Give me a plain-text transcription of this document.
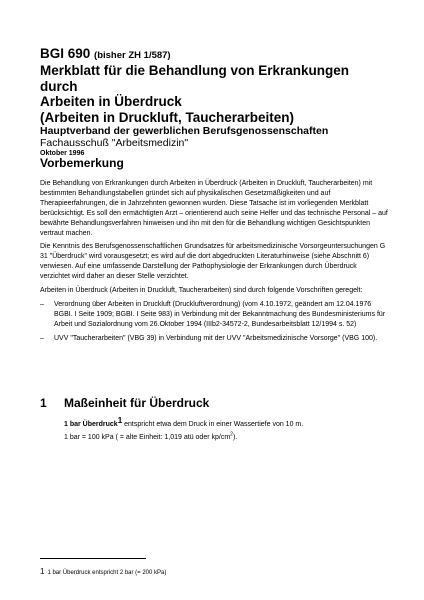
BGI 690 (bisher ZH 1/587)

Merkblatt für die Behandlung von Erkrankungen durch

Arbeiten in Überdruck

(Arbeiten in Druckluft, Taucherarbeiten)

Hauptverband der gewerblichen Berufsgenossenschaften

Fachausschuß "Arbeitsmedizin"

Oktober 1996

Vorbemerkung

Die Behandlung von Erkrankungen durch Arbeiten in Überdruck (Arbeiten in Druckluft, Taucherarbeiten) mit bestimmten Behandlungstabellen gründet sich auf physikalischen Gesetzmäßigkeiten und auf Therapieerfahrungen, die in Jahrzehnten gewonnen wurden. Diese Tatsache ist im vorliegenden Merkblatt berücksichtigt. Es soll den ermächtigten Arzt – orientierend auch seine Helfer und das technische Personal – auf bewährte Behandlungsverfahren hinweisen und ihn mit den für die Behandlung wichtigen Gesichtspunkten vertraut machen.

Die Kenntnis des Berufsgenossenschaftlichen Grundsatzes für arbeitsmedizinische Vorsorgeuntersuchungen G 31 "Überdruck" wird vorausgesetzt; es wird auf die dort abgedruckten Literaturhinweise (siehe Abschnitt 6) verwiesen. Auf eine umfassende Darstellung der Pathophysiologie der Erkrankungen durch Überdruck verzichtet wird daher an dieser Stelle verzichtet.

Arbeiten in Überdruck (Arbeiten in Druckluft, Taucherarbeiten) sind durch folgende Vorschriften geregelt:

– Verordnung über Arbeiten in Druckluft (Druckluftverordnung) (vom 4.10.1972, geändert am 12.04.1976 BGBI. I Seite 1909; BGBI. I Seite 983) in Verbindung mit der Bekanntmachung des Bundesministeriums für Arbeit und Sozialordnung vom 26.Oktober 1994 (IIIb2-34572-2, Bundesarbeitsblatt 12/1994 s. 52)
– UVV "Taucherarbeiten" (VBG 39) in Verbindung mit der UVV "Arbeitsmedizinische Vorsorge" (VBG 100).
1 Maßeinheit für Überdruck

1 bar Überdruck1 entspricht etwa dem Druck in einer Wassertiefe von 10 m.

1 bar = 100 kPa ( = alte Einheit: 1,019 atü oder $kp/cm^2$).

1 1 bar Überdruck entspricht 2 bar (= 200 kPa)
